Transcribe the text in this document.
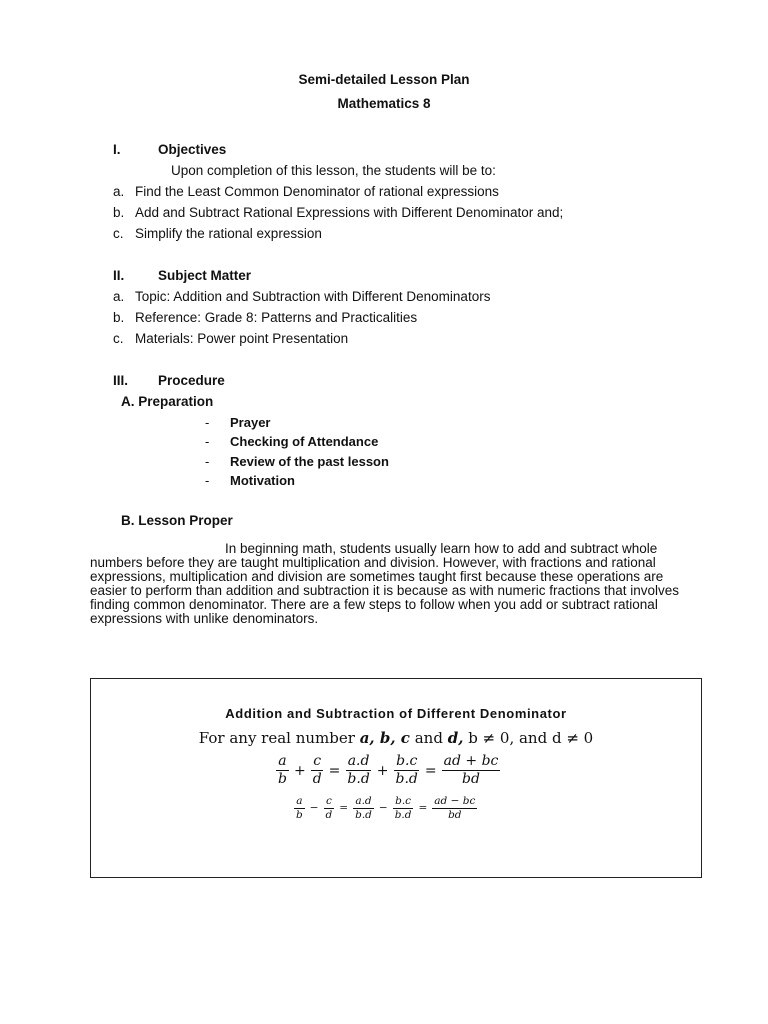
Semi-detailed Lesson Plan
Mathematics 8
I.	Objectives
Upon completion of this lesson, the students will be to:
a. Find the Least Common Denominator of rational expressions
b. Add and Subtract Rational Expressions with Different Denominator and;
c. Simplify the rational expression
II. Subject Matter
a. Topic: Addition and Subtraction with Different Denominators
b. Reference: Grade 8: Patterns and Practicalities
c. Materials: Power point Presentation
III. Procedure
A. Preparation
- Prayer
- Checking of Attendance
- Review of the past lesson
- Motivation
B. Lesson Proper
In beginning math, students usually learn how to add and subtract whole numbers before they are taught multiplication and division. However, with fractions and rational expressions, multiplication and division are sometimes taught first because these operations are easier to perform than addition and subtraction it is because as with numeric fractions that involves finding common denominator. There are a few steps to follow when you add or subtract rational expressions with unlike denominators.
Addition and Subtraction of Different Denominator
For any real number a, b, c and d, b ≠ 0, and d ≠ 0
$\frac{a}{b} + \frac{c}{d} = \frac{a.d}{b.d} + \frac{b.c}{b.d} = \frac{ad + bc}{bd}$
$\frac{a}{b} - \frac{c}{d} = \frac{a.d}{b.d} - \frac{b.c}{b.d} = \frac{ad - bc}{bd}$
